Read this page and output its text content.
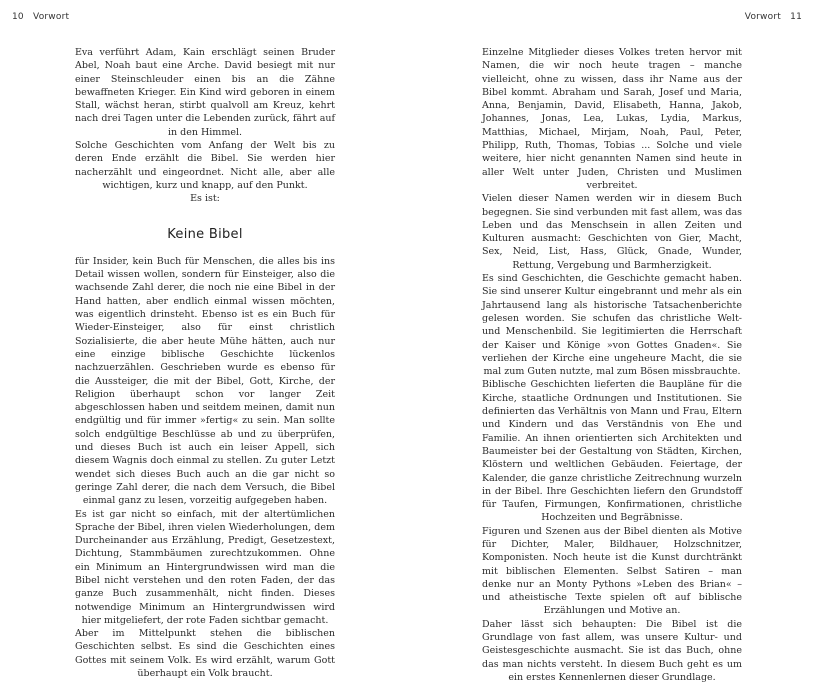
10 Vorwort	Vorwort 11

Eva verführt Adam, Kain erschlägt seinen Bruder Abel, Noah baut eine Arche. David besiegt mit nur einer Steinschleuder einen bis an die Zähne bewaffneten Krieger. Ein Kind wird geboren in einem Stall, wächst heran, stirbt qualvoll am Kreuz, kehrt nach drei Tagen unter die Lebenden zurück, fährt auf in den Himmel.

Solche Geschichten vom Anfang der Welt bis zu deren Ende erzählt die Bibel. Sie werden hier nacherzählt und eingeordnet. Nicht alle, aber alle wichtigen, kurz und knapp, auf den Punkt.

Es ist:

Keine Bibel

für Insider, kein Buch für Menschen, die alles bis ins Detail wissen wollen, sondern für Einsteiger, also die wachsende Zahl derer, die noch nie eine Bibel in der Hand hatten, aber endlich einmal wissen möchten, was eigentlich drinsteht. Ebenso ist es ein Buch für Wieder-Einsteiger, also für einst christlich Sozialisierte, die aber heute Mühe hätten, auch nur eine einzige biblische Geschichte lückenlos nachzuerzählen. Geschrieben wurde es ebenso für die Aussteiger, die mit der Bibel, Gott, Kirche, der Religion überhaupt schon vor langer Zeit abgeschlossen haben und seitdem meinen, damit nun endgültig und für immer »fertig« zu sein. Man sollte solch endgültige Beschlüsse ab und zu überprüfen, und dieses Buch ist auch ein leiser Appell, sich diesem Wagnis doch einmal zu stellen. Zu guter Letzt wendet sich dieses Buch auch an die gar nicht so geringe Zahl derer, die nach dem Versuch, die Bibel einmal ganz zu lesen, vorzeitig aufgegeben haben.

Es ist gar nicht so einfach, mit der altertümlichen Sprache der Bibel, ihren vielen Wiederholungen, dem Durcheinander aus Erzählung, Predigt, Gesetzestext, Dichtung, Stammbäumen zurechtzukommen. Ohne ein Minimum an Hintergrundwissen wird man die Bibel nicht verstehen und den roten Faden, der das ganze Buch zusammenhält, nicht finden. Dieses notwendige Minimum an Hintergrundwissen wird hier mitgeliefert, der rote Faden sichtbar gemacht.

Aber im Mittelpunkt stehen die biblischen Geschichten selbst. Es sind die Geschichten eines Gottes mit seinem Volk. Es wird erzählt, warum Gott überhaupt ein Volk braucht.

Einzelne Mitglieder dieses Volkes treten hervor mit Namen, die wir noch heute tragen – manche vielleicht, ohne zu wissen, dass ihr Name aus der Bibel kommt. Abraham und Sarah, Josef und Maria, Anna, Benjamin, David, Elisabeth, Hanna, Jakob, Johannes, Jonas, Lea, Lukas, Lydia, Markus, Matthias, Michael, Mirjam, Noah, Paul, Peter, Philipp, Ruth, Thomas, Tobias ... Solche und viele weitere, hier nicht genannten Namen sind heute in aller Welt unter Juden, Christen und Muslimen verbreitet.

Vielen dieser Namen werden wir in diesem Buch begegnen. Sie sind verbunden mit fast allem, was das Leben und das Menschsein in allen Zeiten und Kulturen ausmacht: Geschichten von Gier, Macht, Sex, Neid, List, Hass, Glück, Gnade, Wunder, Rettung, Vergebung und Barmherzigkeit.

Es sind Geschichten, die Geschichte gemacht haben. Sie sind unserer Kultur eingebrannt und mehr als ein Jahrtausend lang als historische Tatsachenberichte gelesen worden. Sie schufen das christliche Welt- und Menschenbild. Sie legitimierten die Herrschaft der Kaiser und Könige »von Gottes Gnaden«. Sie verliehen der Kirche eine ungeheure Macht, die sie mal zum Guten nutzte, mal zum Bösen missbrauchte.

Biblische Geschichten lieferten die Baupläne für die Kirche, staatliche Ordnungen und Institutionen. Sie definierten das Verhältnis von Mann und Frau, Eltern und Kindern und das Verständnis von Ehe und Familie. An ihnen orientierten sich Architekten und Baumeister bei der Gestaltung von Städten, Kirchen, Klöstern und weltlichen Gebäuden. Feiertage, der Kalender, die ganze christliche Zeitrechnung wurzeln in der Bibel. Ihre Geschichten liefern den Grundstoff für Taufen, Firmungen, Konfirmationen, christliche Hochzeiten und Begräbnisse.

Figuren und Szenen aus der Bibel dienten als Motive für Dichter, Maler, Bildhauer, Holzschnitzer, Komponisten. Noch heute ist die Kunst durchtränkt mit biblischen Elementen. Selbst Satiren – man denke nur an Monty Pythons »Leben des Brian« – und atheistische Texte spielen oft auf biblische Erzählungen und Motive an.

Daher lässt sich behaupten: Die Bibel ist die Grundlage von fast allem, was unsere Kultur- und Geistesgeschichte ausmacht. Sie ist das Buch, ohne das man nichts versteht. In diesem Buch geht es um ein erstes Kennenlernen dieser Grundlage.
